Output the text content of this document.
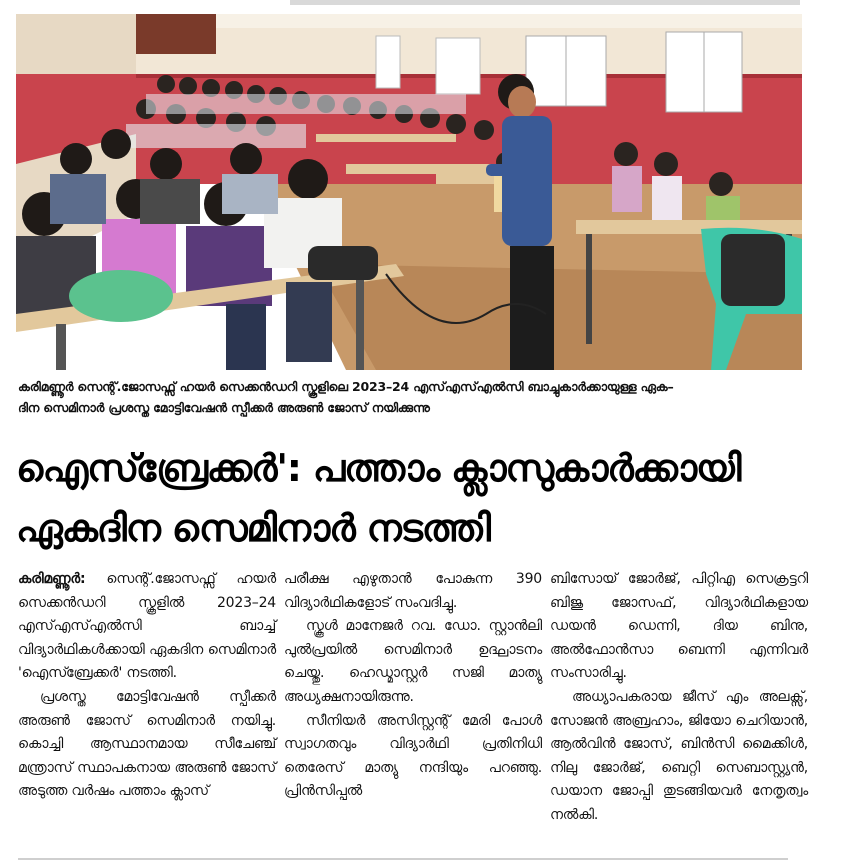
കരിമണ്ണൂർ സെന്റ്.ജോസഫ്സ് ഹയർ സെക്കൻഡറി സ്കൂളിലെ 2023–24 എസ്എസ്എൽസി ബാച്ചുകാർക്കായുള്ള ഏക–
ദിന സെമിനാർ പ്രശസ്ത മോട്ടിവേഷൻ സ്പീക്കർ അരുൺ ജോസ് നയിക്കുന്നു
ഐസ്ബ്രേക്കർ': പത്താം ക്ലാസുകാർക്കായി
ഏകദിന സെമിനാർ നടത്തി

കരിമണ്ണൂർ: സെന്റ്.ജോസഫ്സ് ഹയർ സെക്കൻഡറി സ്കൂളിൽ 2023–24 എസ്എസ്എൽസി ബാച്ച് വിദ്യാർഥികൾക്കായി ഏകദിന സെമിനാർ 'ഐസ്ബ്രേക്കർ' നടത്തി.

പ്രശസ്ത മോട്ടിവേഷൻ സ്പീക്കർ അരുൺ ജോസ് സെമിനാർ നയിച്ചു. കൊച്ചി ആസ്ഥാനമായ സീചേഞ്ച് മന്ത്രാസ് സ്ഥാപകനായ അരുൺ ജോസ് അടുത്ത വർഷം പത്താം ക്ലാസ്

പരീക്ഷ എഴുതാൻ പോകുന്ന 390 വിദ്യാർഥികളോട് സംവദിച്ചു.

സ്കൂൾ മാനേജർ റവ. ഡോ. സ്റ്റാൻലി പുൽപ്രയിൽ സെമിനാർ ഉദ്ഘാടനം ചെയ്തു. ഹെഡ്മാസ്റ്റർ സജി മാത്യു അധ്യക്ഷനായിരുന്നു.

സീനിയർ അസിസ്റ്റന്റ് മേരി പോൾ സ്വാഗതവും വിദ്യാർഥി പ്രതിനിധി തെരേസ് മാത്യു നന്ദിയും പറഞ്ഞു. പ്രിൻസിപ്പൽ

ബിസോയ് ജോർജ്, പിറ്റിഎ സെക്രട്ടറി ബിജു ജോസഫ്, വിദ്യാർഥികളായ ഡയൻ ഡെന്നി, ദിയ ബിനു, അൽഫോൻസാ ബെന്നി എന്നിവർ സംസാരിച്ചു.

അധ്യാപകരായ ജീസ് എം അലക്സ്, സോജൻ അബ്രഹാം, ജിയോ ചെറിയാൻ, ആൽവിൻ ജോസ്, ബിൻസി മൈക്കിൾ, നിലു ജോർജ്, ബെറ്റി സെബാസ്റ്റ്യൻ, ഡയാന ജോപ്പി തുടങ്ങിയവർ നേതൃത്വം നൽകി.
